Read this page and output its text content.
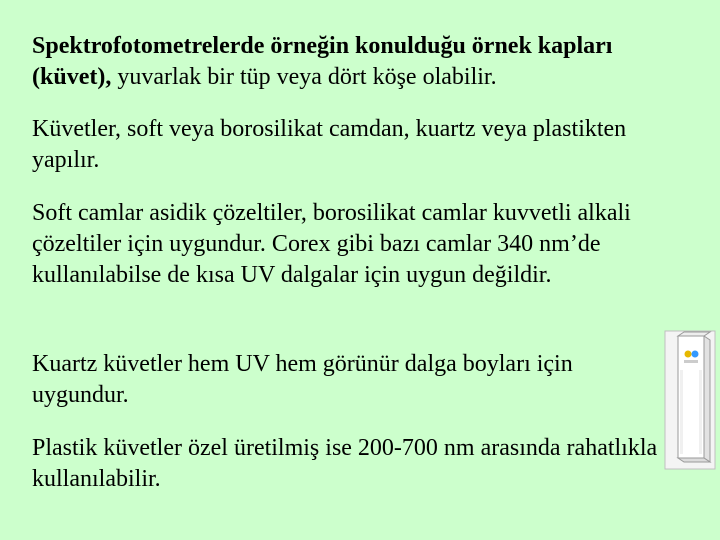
Spektrofotometrelerde örneğin konulduğu örnek kapları (küvet), yuvarlak bir tüp veya dört köşe olabilir.

Küvetler, soft veya borosilikat camdan, kuartz veya plastikten yapılır.

Soft camlar asidik çözeltiler, borosilikat camlar kuvvetli alkali çözeltiler için uygundur. Corex gibi bazı camlar 340 nm’de kullanılabilse de kısa UV dalgalar için uygun değildir.

Kuartz küvetler hem UV hem görünür dalga boyları için uygundur.

Plastik küvetler özel üretilmiş ise 200-700 nm arasında rahatlıkla kullanılabilir.
